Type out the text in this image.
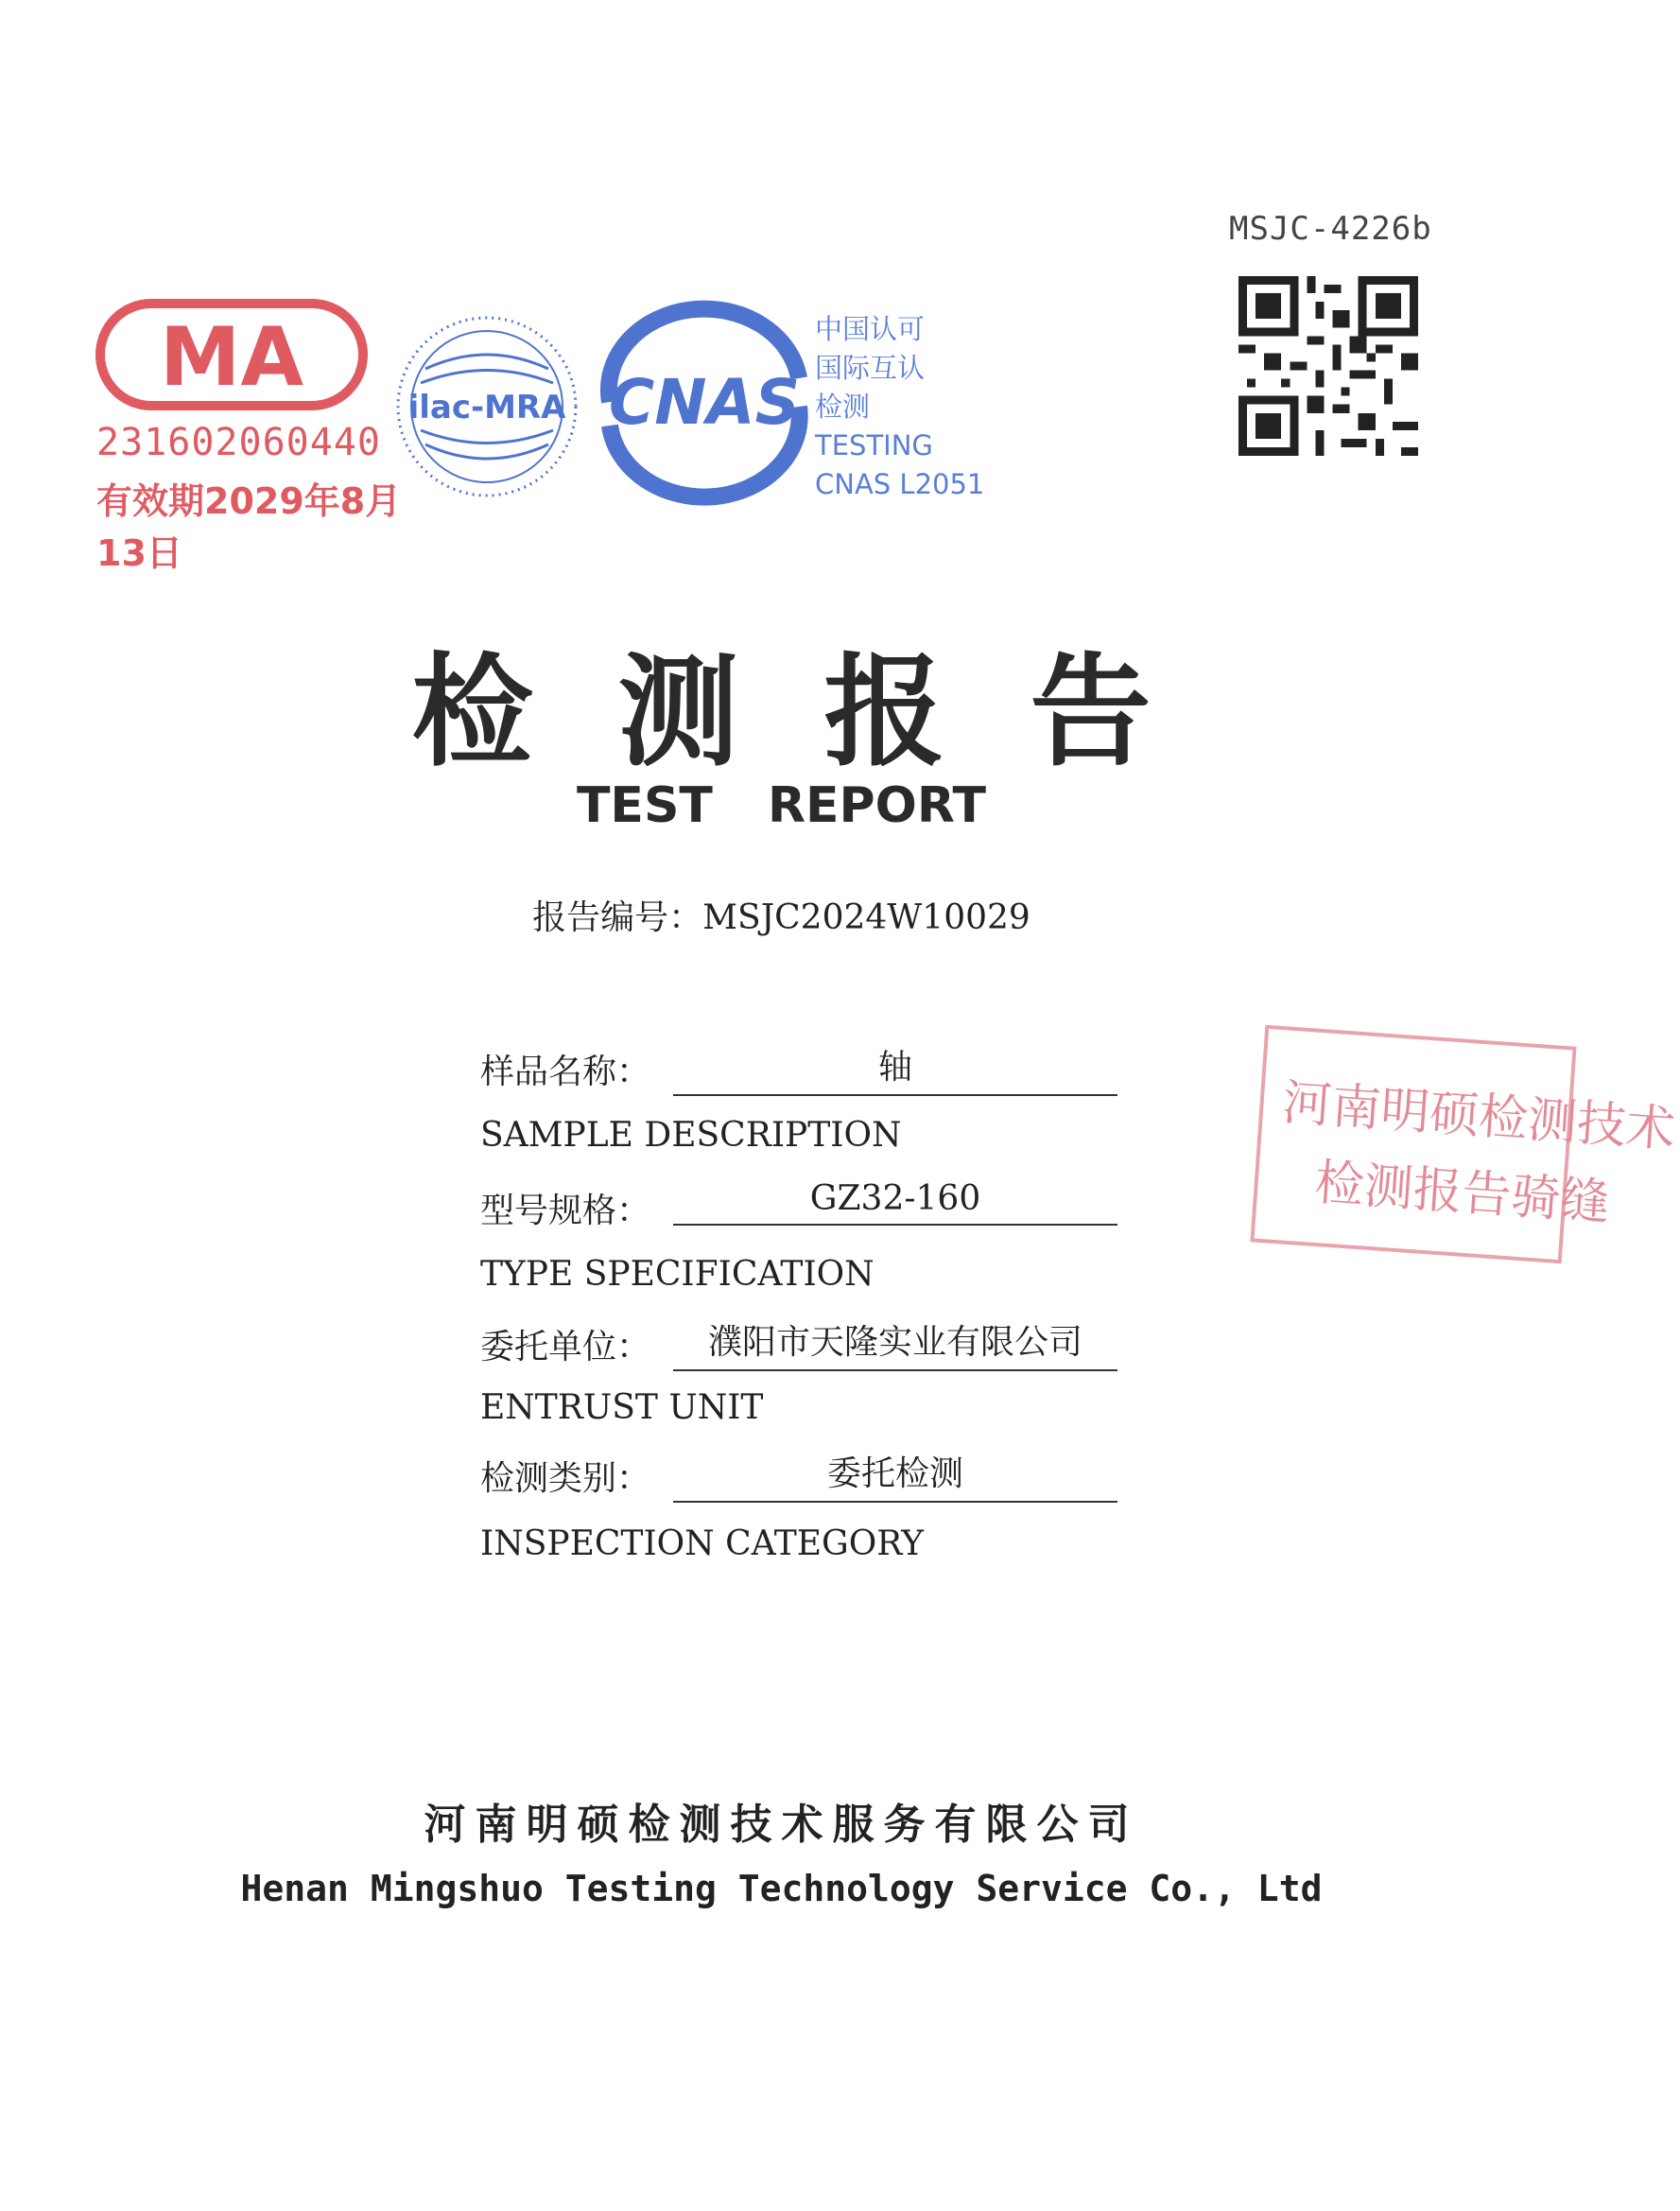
MSJC-4226b
MA
231602060440
有效期2029年8月13日
ilac-MRA CNAS
中国认可
国际互认
检测
TESTING
CNAS L2051
检测报告
TEST REPORT
报告编号：MSJC2024W10029
样品名称：	轴
SAMPLE DESCRIPTION
型号规格：	GZ32-160
TYPE SPECIFICATION
委托单位：	濮阳市天隆实业有限公司
ENTRUST UNIT
检测类别：	委托检测
INSPECTION CATEGORY
河南明硕检测技术
检测报告骑缝
河南明硕检测技术服务有限公司
Henan Mingshuo Testing Technology Service Co., Ltd
